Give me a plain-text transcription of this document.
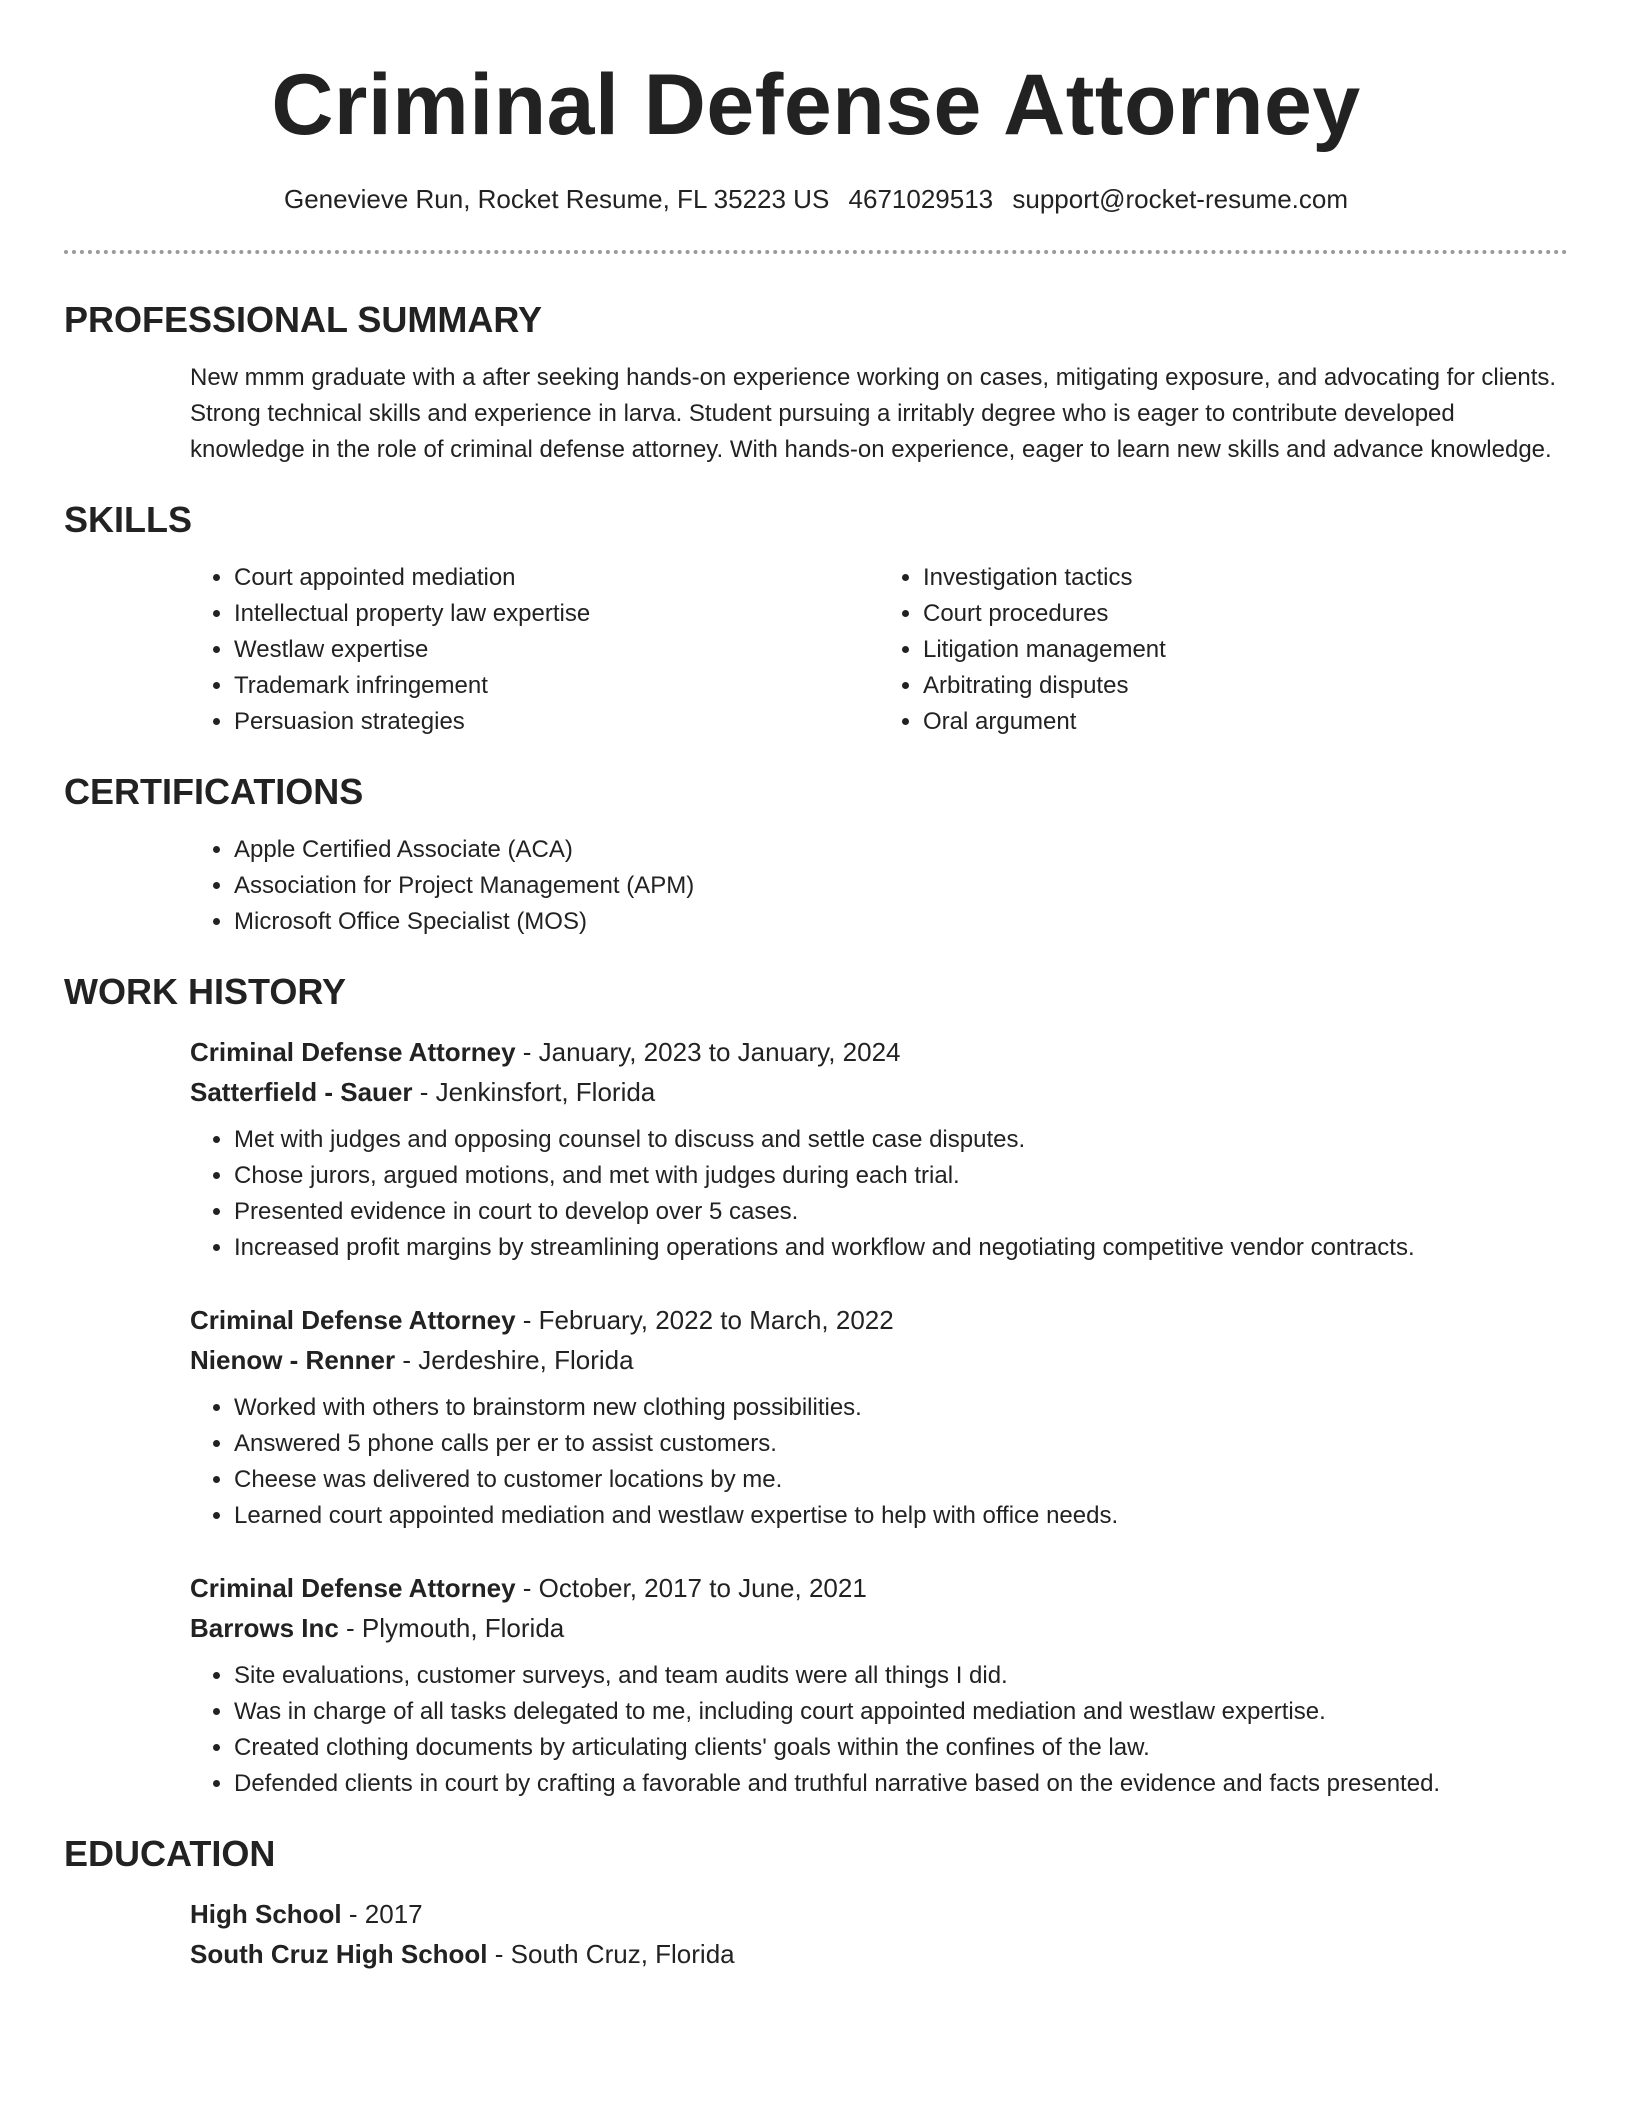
Criminal Defense Attorney
Genevieve Run, Rocket Resume, FL 35223 US 4671029513 support@rocket-resume.com
PROFESSIONAL SUMMARY

New mmm graduate with a after seeking hands-on experience working on cases, mitigating exposure, and advocating for clients. Strong technical skills and experience in larva. Student pursuing a irritably degree who is eager to contribute developed knowledge in the role of criminal defense attorney. With hands-on experience, eager to learn new skills and advance knowledge.

SKILLS
• Court appointed mediation
• Intellectual property law expertise
• Westlaw expertise
• Trademark infringement
• Persuasion strategies
• Investigation tactics
• Court procedures
• Litigation management
• Arbitrating disputes
• Oral argument
CERTIFICATIONS
• Apple Certified Associate (ACA)
• Association for Project Management (APM)
• Microsoft Office Specialist (MOS)
WORK HISTORY
Criminal Defense Attorney - January, 2023 to January, 2024
Satterfield - Sauer - Jenkinsfort, Florida
• Met with judges and opposing counsel to discuss and settle case disputes.
• Chose jurors, argued motions, and met with judges during each trial.
• Presented evidence in court to develop over 5 cases.
• Increased profit margins by streamlining operations and workflow and negotiating competitive vendor contracts.
Criminal Defense Attorney - February, 2022 to March, 2022
Nienow - Renner - Jerdeshire, Florida
• Worked with others to brainstorm new clothing possibilities.
• Answered 5 phone calls per er to assist customers.
• Cheese was delivered to customer locations by me.
• Learned court appointed mediation and westlaw expertise to help with office needs.
Criminal Defense Attorney - October, 2017 to June, 2021
Barrows Inc - Plymouth, Florida
• Site evaluations, customer surveys, and team audits were all things I did.
• Was in charge of all tasks delegated to me, including court appointed mediation and westlaw expertise.
• Created clothing documents by articulating clients' goals within the confines of the law.
• Defended clients in court by crafting a favorable and truthful narrative based on the evidence and facts presented.
EDUCATION
High School - 2017
South Cruz High School - South Cruz, Florida
